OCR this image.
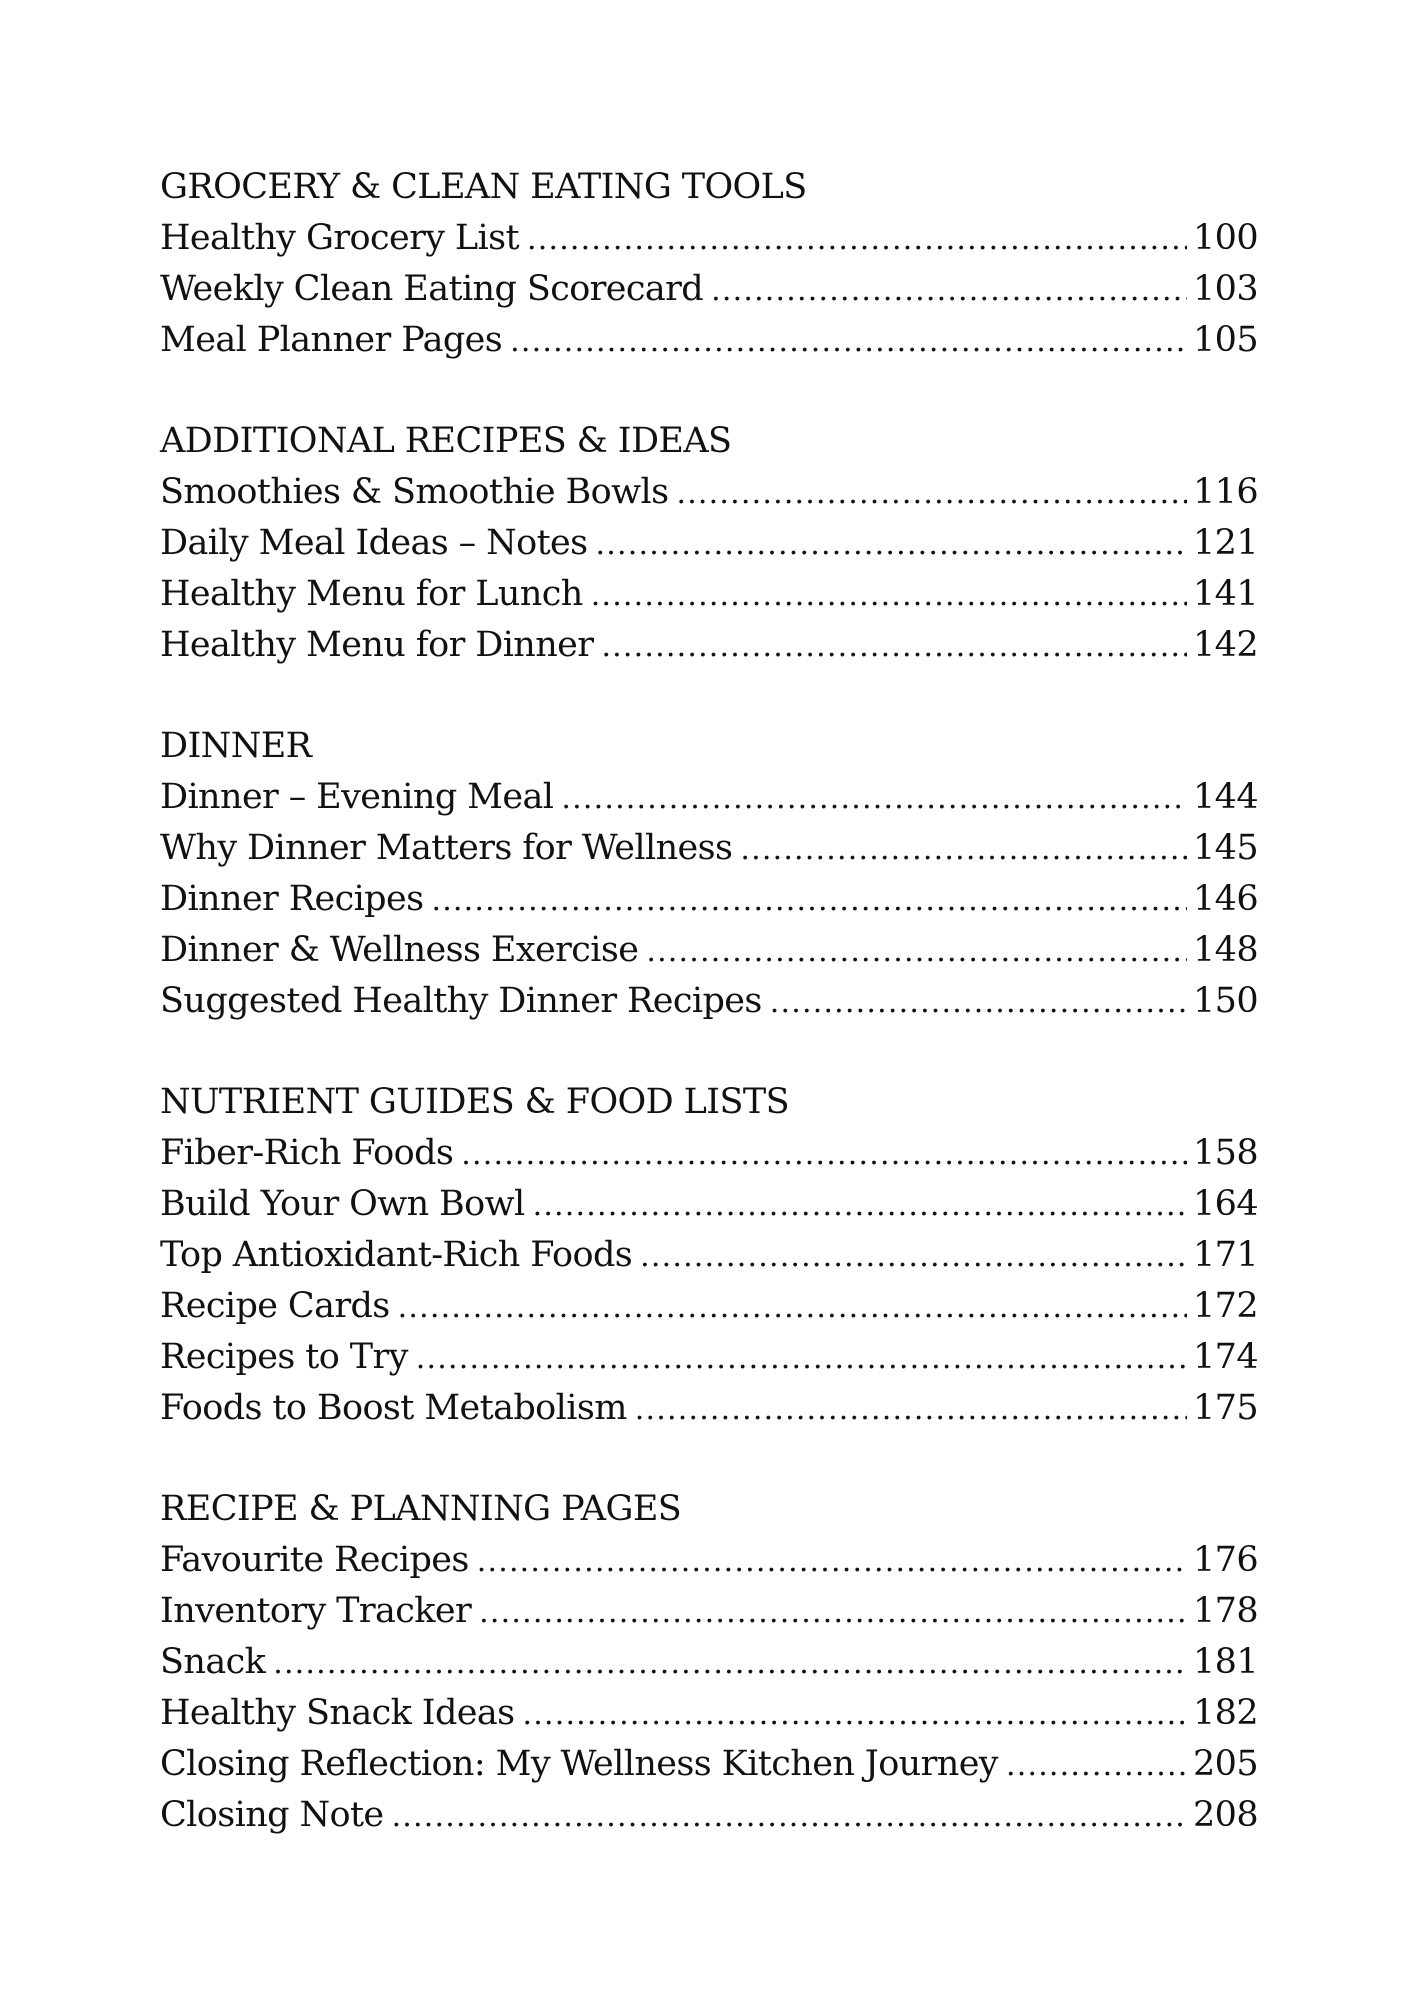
GROCERY & CLEAN EATING TOOLS
Healthy Grocery List .....	100
Weekly Clean Eating Scorecard .....	103
Meal Planner Pages .....	105
ADDITIONAL RECIPES & IDEAS
Smoothies & Smoothie Bowls .....	116
Daily Meal Ideas – Notes .....	121
Healthy Menu for Lunch .....	141
Healthy Menu for Dinner .....	142
DINNER
Dinner – Evening Meal .....	144
Why Dinner Matters for Wellness .....	145
Dinner Recipes .....	146
Dinner & Wellness Exercise .....	148
Suggested Healthy Dinner Recipes .....	150
NUTRIENT GUIDES & FOOD LISTS
Fiber-Rich Foods .....	158
Build Your Own Bowl .....	164
Top Antioxidant-Rich Foods .....	171
Recipe Cards .....	172
Recipes to Try .....	174
Foods to Boost Metabolism .....	175
RECIPE & PLANNING PAGES
Favourite Recipes .....	176
Inventory Tracker .....	178
Snack .....	181
Healthy Snack Ideas .....	182
Closing Reflection: My Wellness Kitchen Journey .....	205
Closing Note .....	208
